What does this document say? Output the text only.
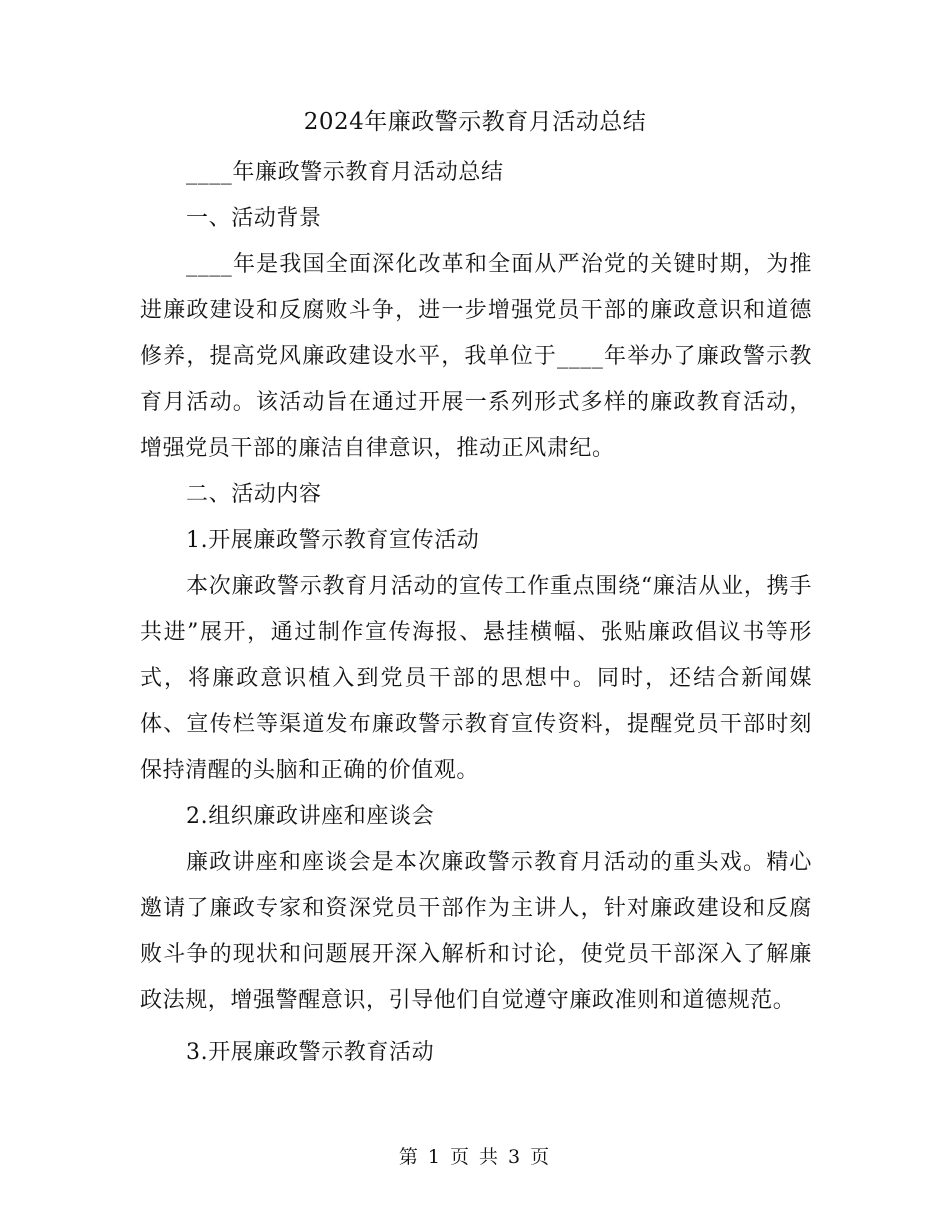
2024年廉政警示教育月活动总结

____年廉政警示教育月活动总结

一、活动背景

____年是我国全面深化改革和全面从严治党的关键时期，为推进廉政建设和反腐败斗争，进一步增强党员干部的廉政意识和道德修养，提高党风廉政建设水平，我单位于____年举办了廉政警示教育月活动。该活动旨在通过开展一系列形式多样的廉政教育活动，增强党员干部的廉洁自律意识，推动正风肃纪。

二、活动内容

1.开展廉政警示教育宣传活动

本次廉政警示教育月活动的宣传工作重点围绕“廉洁从业，携手共进”展开，通过制作宣传海报、悬挂横幅、张贴廉政倡议书等形式，将廉政意识植入到党员干部的思想中。同时，还结合新闻媒体、宣传栏等渠道发布廉政警示教育宣传资料，提醒党员干部时刻保持清醒的头脑和正确的价值观。

2.组织廉政讲座和座谈会

廉政讲座和座谈会是本次廉政警示教育月活动的重头戏。精心邀请了廉政专家和资深党员干部作为主讲人，针对廉政建设和反腐败斗争的现状和问题展开深入解析和讨论，使党员干部深入了解廉政法规，增强警醒意识，引导他们自觉遵守廉政准则和道德规范。

3.开展廉政警示教育活动

第 1 页 共 3 页
